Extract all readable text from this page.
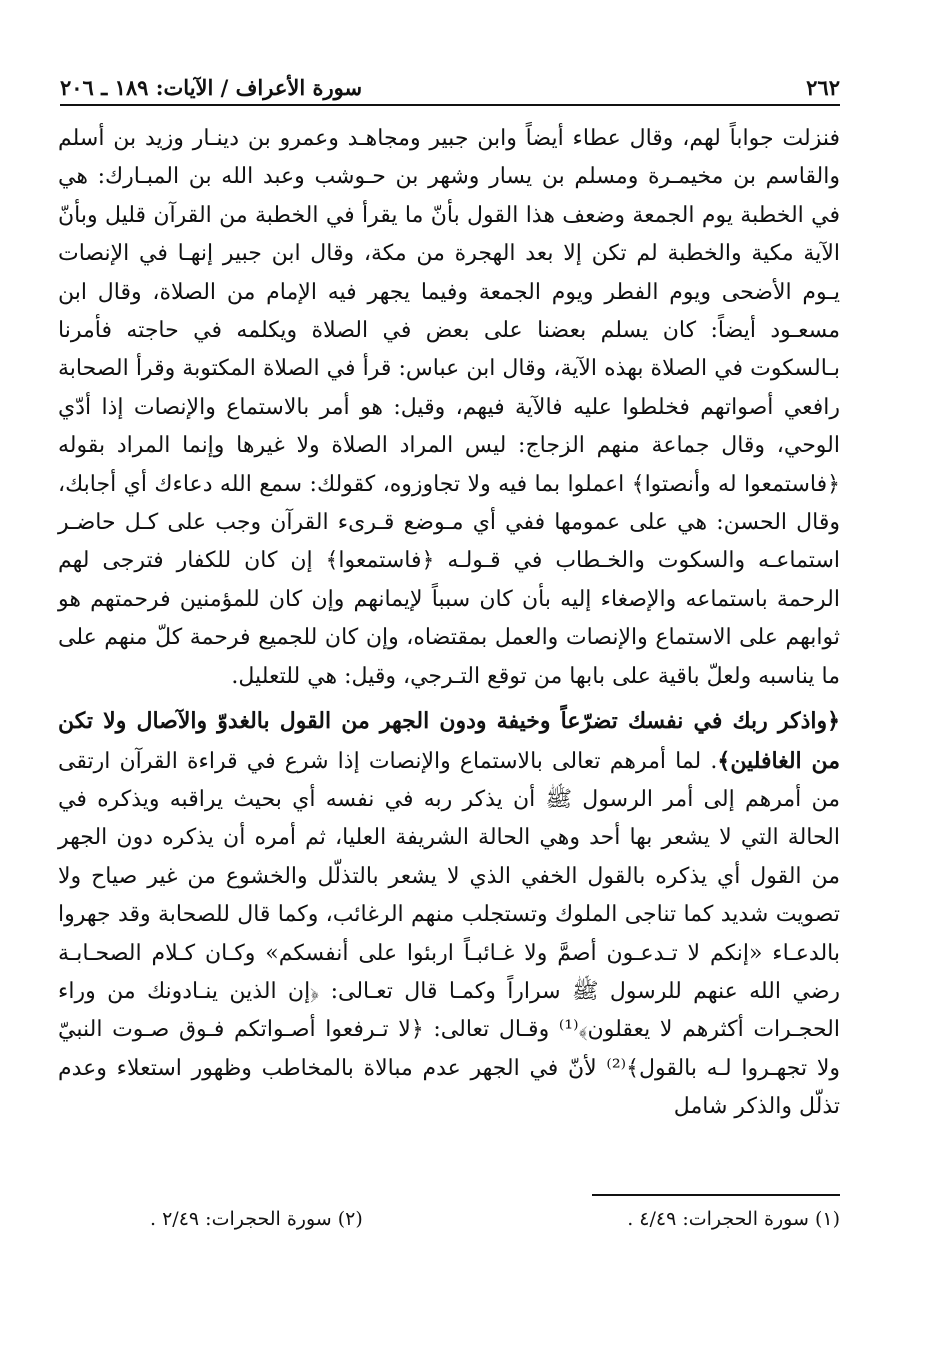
٢٦٢
سورة الأعراف / الآيات: ١٨٩ ـ ٢٠٦

فنزلت جواباً لهم، وقال عطاء أيضاً وابن جبير ومجاهـد وعمرو بن دينـار وزيد بن أسلم والقاسم بن مخيمـرة ومسلم بن يسار وشهر بن حـوشب وعبد الله بن المبـارك: هي في الخطبة يوم الجمعة وضعف هذا القول بأنّ ما يقرأ في الخطبة من القرآن قليل وبأنّ الآية مكية والخطبة لم تكن إلا بعد الهجرة من مكة، وقال ابن جبير إنهـا في الإنصات يـوم الأضحى ويوم الفطر ويوم الجمعة وفيما يجهر فيه الإمام من الصلاة، وقال ابن مسعـود أيضاً: كان يسلم بعضنا على بعض في الصلاة ويكلمه في حاجته فأمرنا بـالسكوت في الصلاة بهذه الآية، وقال ابن عباس: قرأ في الصلاة المكتوبة وقرأ الصحابة رافعي أصواتهم فخلطوا عليه فالآية فيهم، وقيل: هو أمر بالاستماع والإنصات إذا أدّي الوحي، وقال جماعة منهم الزجاج: ليس المراد الصلاة ولا غيرها وإنما المراد بقوله ﴿فاستمعوا له وأنصتوا﴾ اعملوا بما فيه ولا تجاوزوه، كقولك: سمع الله دعاءك أي أجابك، وقال الحسن: هي على عمومها ففي أي مـوضع قـرىء القرآن وجب على كـل حاضـر استماعـه والسكوت والخـطاب في قـولـه ﴿فاستمعوا﴾ إن كان للكفار فترجى لهم الرحمة باستماعه والإصغاء إليه بأن كان سبباً لإيمانهم وإن كان للمؤمنين فرحمتهم هو ثوابهم على الاستماع والإنصات والعمل بمقتضاه، وإن كان للجميع فرحمة كلّ منهم على ما يناسبه ولعلّ باقية على بابها من توقع التـرجي، وقيل: هي للتعليل.

﴿واذكر ربك في نفسك تضرّعاً وخيفة ودون الجهر من القول بالغدوّ والآصال ولا تكن من الغافلين﴾. لما أمرهم تعالى بالاستماع والإنصات إذا شرع في قراءة القرآن ارتقى من أمرهم إلى أمر الرسول ﷺ أن يذكر ربه في نفسه أي بحيث يراقبه ويذكره في الحالة التي لا يشعر بها أحد وهي الحالة الشريفة العليا، ثم أمره أن يذكره دون الجهر من القول أي يذكره بالقول الخفي الذي لا يشعر بالتذلّل والخشوع من غير صياح ولا تصويت شديد كما تناجى الملوك وتستجلب منهم الرغائب، وكما قال للصحابة وقد جهروا بالدعـاء «إنكم لا تـدعـون أصمَّ ولا غـائبـاً اربئوا على أنفسكم» وكـان كـلام الصحـابـة رضي الله عنهم للرسول ﷺ سراراً وكمـا قال تعـالى: ﴿إن الذين ينـادونك من وراء الحجـرات أكثرهم لا يعقلون﴾⁽¹⁾ وقـال تعالى: ﴿لا تـرفعوا أصـواتكم فـوق صـوت النبيّ ولا تجهـروا لـه بالقول﴾⁽²⁾ لأنّ في الجهر عدم مبالاة بالمخاطب وظهور استعلاء وعدم تذلّل والذكر شامل

(١) سورة الحجرات: ٤/٤٩ .
(٢) سورة الحجرات: ٢/٤٩ .
